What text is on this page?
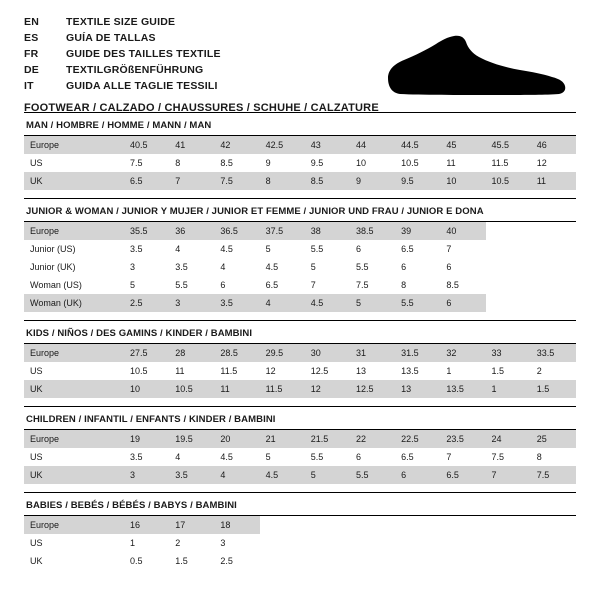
EN	TEXTILE SIZE GUIDE
ES	GUÍA DE TALLAS
FR	GUIDE DES TAILLES TEXTILE
DE	TEXTILGRÖßENFÜHRUNG
IT	GUIDA ALLE TAGLIE TESSILI
FOOTWEAR / CALZADO / CHAUSSURES / SCHUHE / CALZATURE
MAN / HOMBRE / HOMME / MANN / MAN
Europe	40.5	41	42	42.5	43	44	44.5	45	45.5	46
US	7.5	8	8.5	9	9.5	10	10.5	11	11.5	12
UK	6.5	7	7.5	8	8.5	9	9.5	10	10.5	11
JUNIOR & WOMAN / JUNIOR Y MUJER / JUNIOR ET FEMME / JUNIOR UND FRAU / JUNIOR E DONA
Europe	35.5	36	36.5	37.5	38	38.5	39	40		
Junior (US)	3.5	4	4.5	5	5.5	6	6.5	7		
Junior (UK)	3	3.5	4	4.5	5	5.5	6	6		
Woman (US)	5	5.5	6	6.5	7	7.5	8	8.5		
Woman (UK)	2.5	3	3.5	4	4.5	5	5.5	6		
KIDS / NIÑOS / DES GAMINS / KINDER / BAMBINI
Europe	27.5	28	28.5	29.5	30	31	31.5	32	33	33.5
US	10.5	11	11.5	12	12.5	13	13.5	1	1.5	2
UK	10	10.5	11	11.5	12	12.5	13	13.5	1	1.5
CHILDREN / INFANTIL / ENFANTS / KINDER / BAMBINI
Europe	19	19.5	20	21	21.5	22	22.5	23.5	24	25
US	3.5	4	4.5	5	5.5	6	6.5	7	7.5	8
UK	3	3.5	4	4.5	5	5.5	6	6.5	7	7.5
BABIES / BEBÉS / BÉBÉS / BABYS / BAMBINI
Europe	16	17	18							
US	1	2	3							
UK	0.5	1.5	2.5							
